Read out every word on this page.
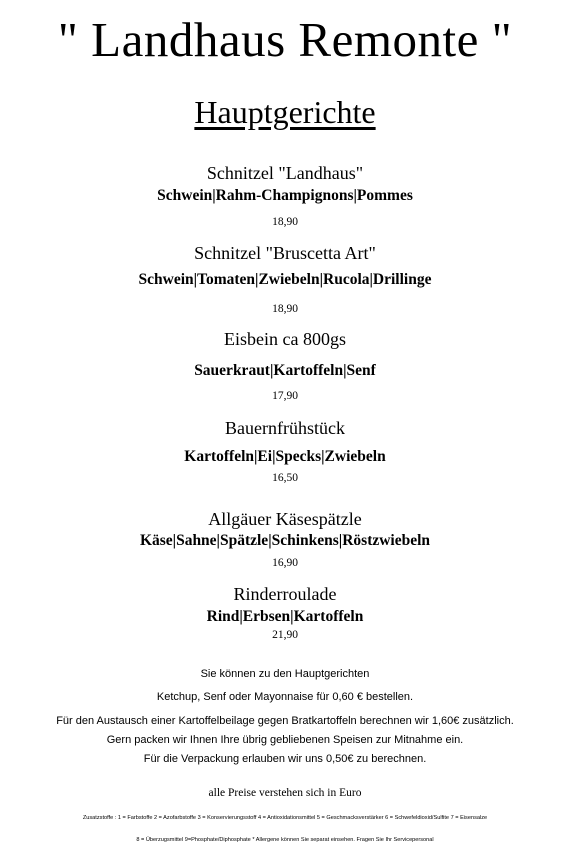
" Landhaus Remonte "
Hauptgerichte
Schnitzel "Landhaus"
Schwein|Rahm-Champignons|Pommes
18,90
Schnitzel "Bruscetta Art"
Schwein|Tomaten|Zwiebeln|Rucola|Drillinge
18,90
Eisbein ca 800gs
Sauerkraut|Kartoffeln|Senf
17,90
Bauernfrühstück
Kartoffeln|Ei|Specks|Zwiebeln
16,50
Allgäuer Käsespätzle
Käse|Sahne|Spätzle|Schinkens|Röstzwiebeln
16,90
Rinderroulade
Rind|Erbsen|Kartoffeln
21,90
Sie können zu den Hauptgerichten
Ketchup, Senf oder Mayonnaise für 0,60 € bestellen.
Für den Austausch einer Kartoffelbeilage gegen Bratkartoffeln berechnen wir 1,60€ zusätzlich.
Gern packen wir Ihnen Ihre übrig gebliebenen Speisen zur Mitnahme ein.
Für die Verpackung erlauben wir uns 0,50€ zu berechnen.
alle Preise verstehen sich in Euro
Zusatzstoffe : 1 = Farbstoffe 2 = Azofarbstoffe 3 = Konservierungsstoff 4 = Antioxidationsmittel 5 = Geschmacksverstärker 6 = Schwefeldioxid/Sulfite 7 = Eisensalze
8 = Überzugsmittel 9=Phosphate/Diphosphate * Allergene können Sie separat einsehen. Fragen Sie Ihr Servicepersonal
